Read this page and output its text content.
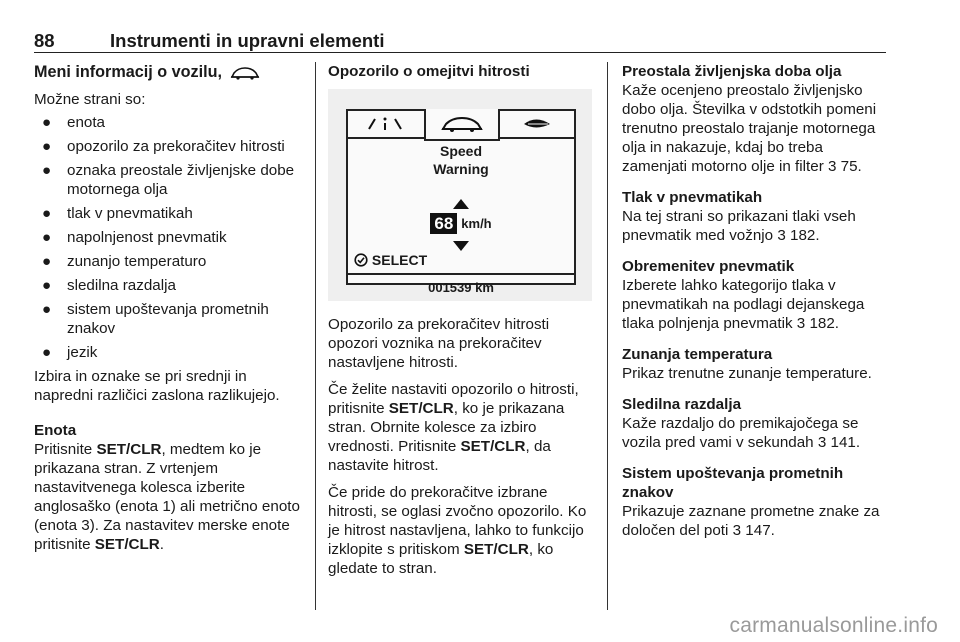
88	Instrumenti in upravni elementi
Meni informacij o vozilu,

Možne strani so:

● enota
● opozorilo za prekoračitev hitrosti
● oznaka preostale življenjske dobe motornega olja
● tlak v pnevmatikah
● napolnjenost pnevmatik
● zunanjo temperaturo
● sledilna razdalja
● sistem upoštevanja prometnih znakov
● jezik

Izbira in oznake se pri srednji in napredni različici zaslona razlikujejo.

Enota

Pritisnite SET/CLR, medtem ko je prikazana stran. Z vrtenjem nastavitvenega kolesca izberite anglosaško (enota 1) ali metrično enoto (enota 3). Za nastavitev merske enote pritisnite SET/CLR.

Opozorilo o omejitvi hitrosti

Speed
Warning
68 km/h
SELECT
001539 km

Opozorilo za prekoračitev hitrosti opozori voznika na prekoračitev nastavljene hitrosti.

Če želite nastaviti opozorilo o hitrosti, pritisnite SET/CLR, ko je prikazana stran. Obrnite kolesce za izbiro vrednosti. Pritisnite SET/CLR, da nastavite hitrost.

Če pride do prekoračitve izbrane hitrosti, se oglasi zvočno opozorilo. Ko je hitrost nastavljena, lahko to funkcijo izklopite s pritiskom SET/CLR, ko gledate to stran.

Preostala življenjska doba olja

Kaže ocenjeno preostalo življenjsko dobo olja. Številka v odstotkih pomeni trenutno preostalo trajanje motornega olja in nakazuje, kdaj bo treba zamenjati motorno olje in filter 3 75.

Tlak v pnevmatikah

Na tej strani so prikazani tlaki vseh pnevmatik med vožnjo 3 182.

Obremenitev pnevmatik

Izberete lahko kategorijo tlaka v pnevmatikah na podlagi dejanskega tlaka polnjenja pnevmatik 3 182.

Zunanja temperatura

Prikaz trenutne zunanje temperature.

Sledilna razdalja

Kaže razdaljo do premikajočega se vozila pred vami v sekundah 3 141.

Sistem upoštevanja prometnih znakov

Prikazuje zaznane prometne znake za določen del poti 3 147.

carmanualsonline.info
